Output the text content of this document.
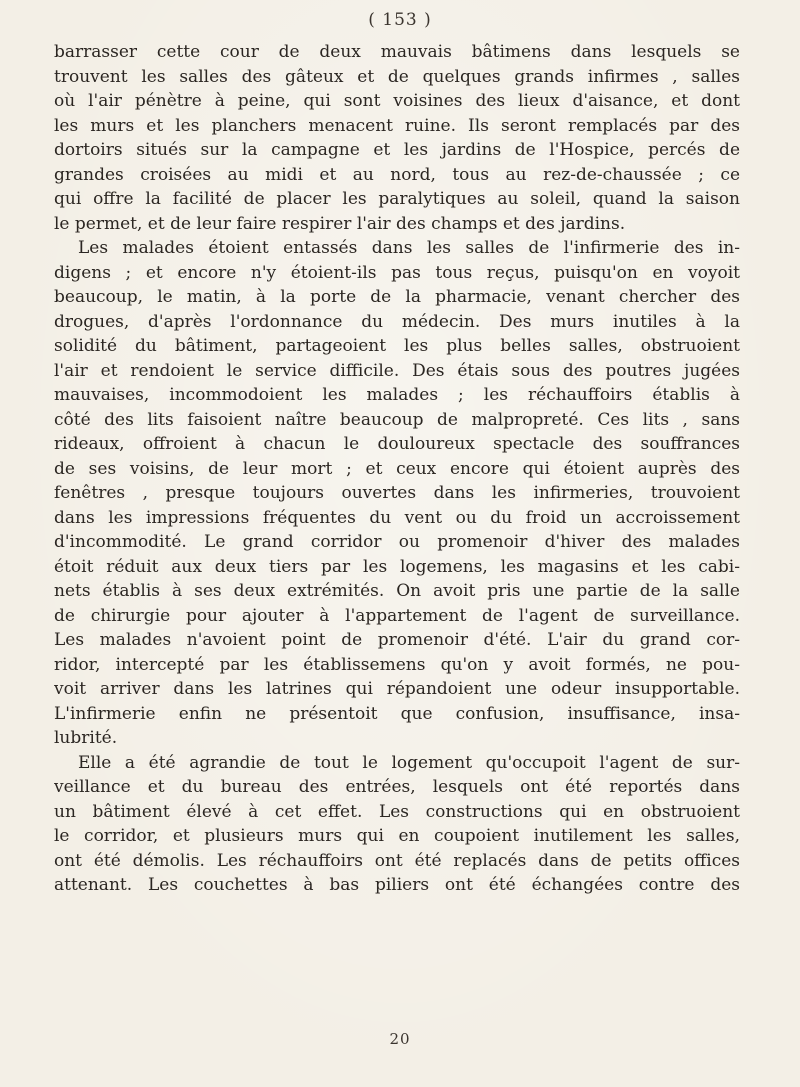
( 153 )
barrasser cette cour de deux mauvais bâtimens dans lesquels se
trouvent les salles des gâteux et de quelques grands infirmes , salles
où l'air pénètre à peine, qui sont voisines des lieux d'aisance, et dont
les murs et les planchers menacent ruine. Ils seront remplacés par des
dortoirs situés sur la campagne et les jardins de l'Hospice, percés de
grandes croisées au midi et au nord, tous au rez-de-chaussée ; ce
qui offre la facilité de placer les paralytiques au soleil, quand la saison
le permet, et de leur faire respirer l'air des champs et des jardins.
Les malades étoient entassés dans les salles de l'infirmerie des in-
digens ; et encore n'y étoient-ils pas tous reçus, puisqu'on en voyoit
beaucoup, le matin, à la porte de la pharmacie, venant chercher des
drogues, d'après l'ordonnance du médecin. Des murs inutiles à la
solidité du bâtiment, partageoient les plus belles salles, obstruoient
l'air et rendoient le service difficile. Des étais sous des poutres jugées
mauvaises, incommodoient les malades ; les réchauffoirs établis à
côté des lits faisoient naître beaucoup de malpropreté. Ces lits , sans
rideaux, offroient à chacun le douloureux spectacle des souffrances
de ses voisins, de leur mort ; et ceux encore qui étoient auprès des
fenêtres , presque toujours ouvertes dans les infirmeries, trouvoient
dans les impressions fréquentes du vent ou du froid un accroissement
d'incommodité. Le grand corridor ou promenoir d'hiver des malades
étoit réduit aux deux tiers par les logemens, les magasins et les cabi-
nets établis à ses deux extrémités. On avoit pris une partie de la salle
de chirurgie pour ajouter à l'appartement de l'agent de surveillance.
Les malades n'avoient point de promenoir d'été. L'air du grand cor-
ridor, intercepté par les établissemens qu'on y avoit formés, ne pou-
voit arriver dans les latrines qui répandoient une odeur insupportable.
L'infirmerie enfin ne présentoit que confusion, insuffisance, insa-
lubrité.
Elle a été agrandie de tout le logement qu'occupoit l'agent de sur-
veillance et du bureau des entrées, lesquels ont été reportés dans
un bâtiment élevé à cet effet. Les constructions qui en obstruoient
le corridor, et plusieurs murs qui en coupoient inutilement les salles,
ont été démolis. Les réchauffoirs ont été replacés dans de petits offices
attenant. Les couchettes à bas piliers ont été échangées contre des
20
